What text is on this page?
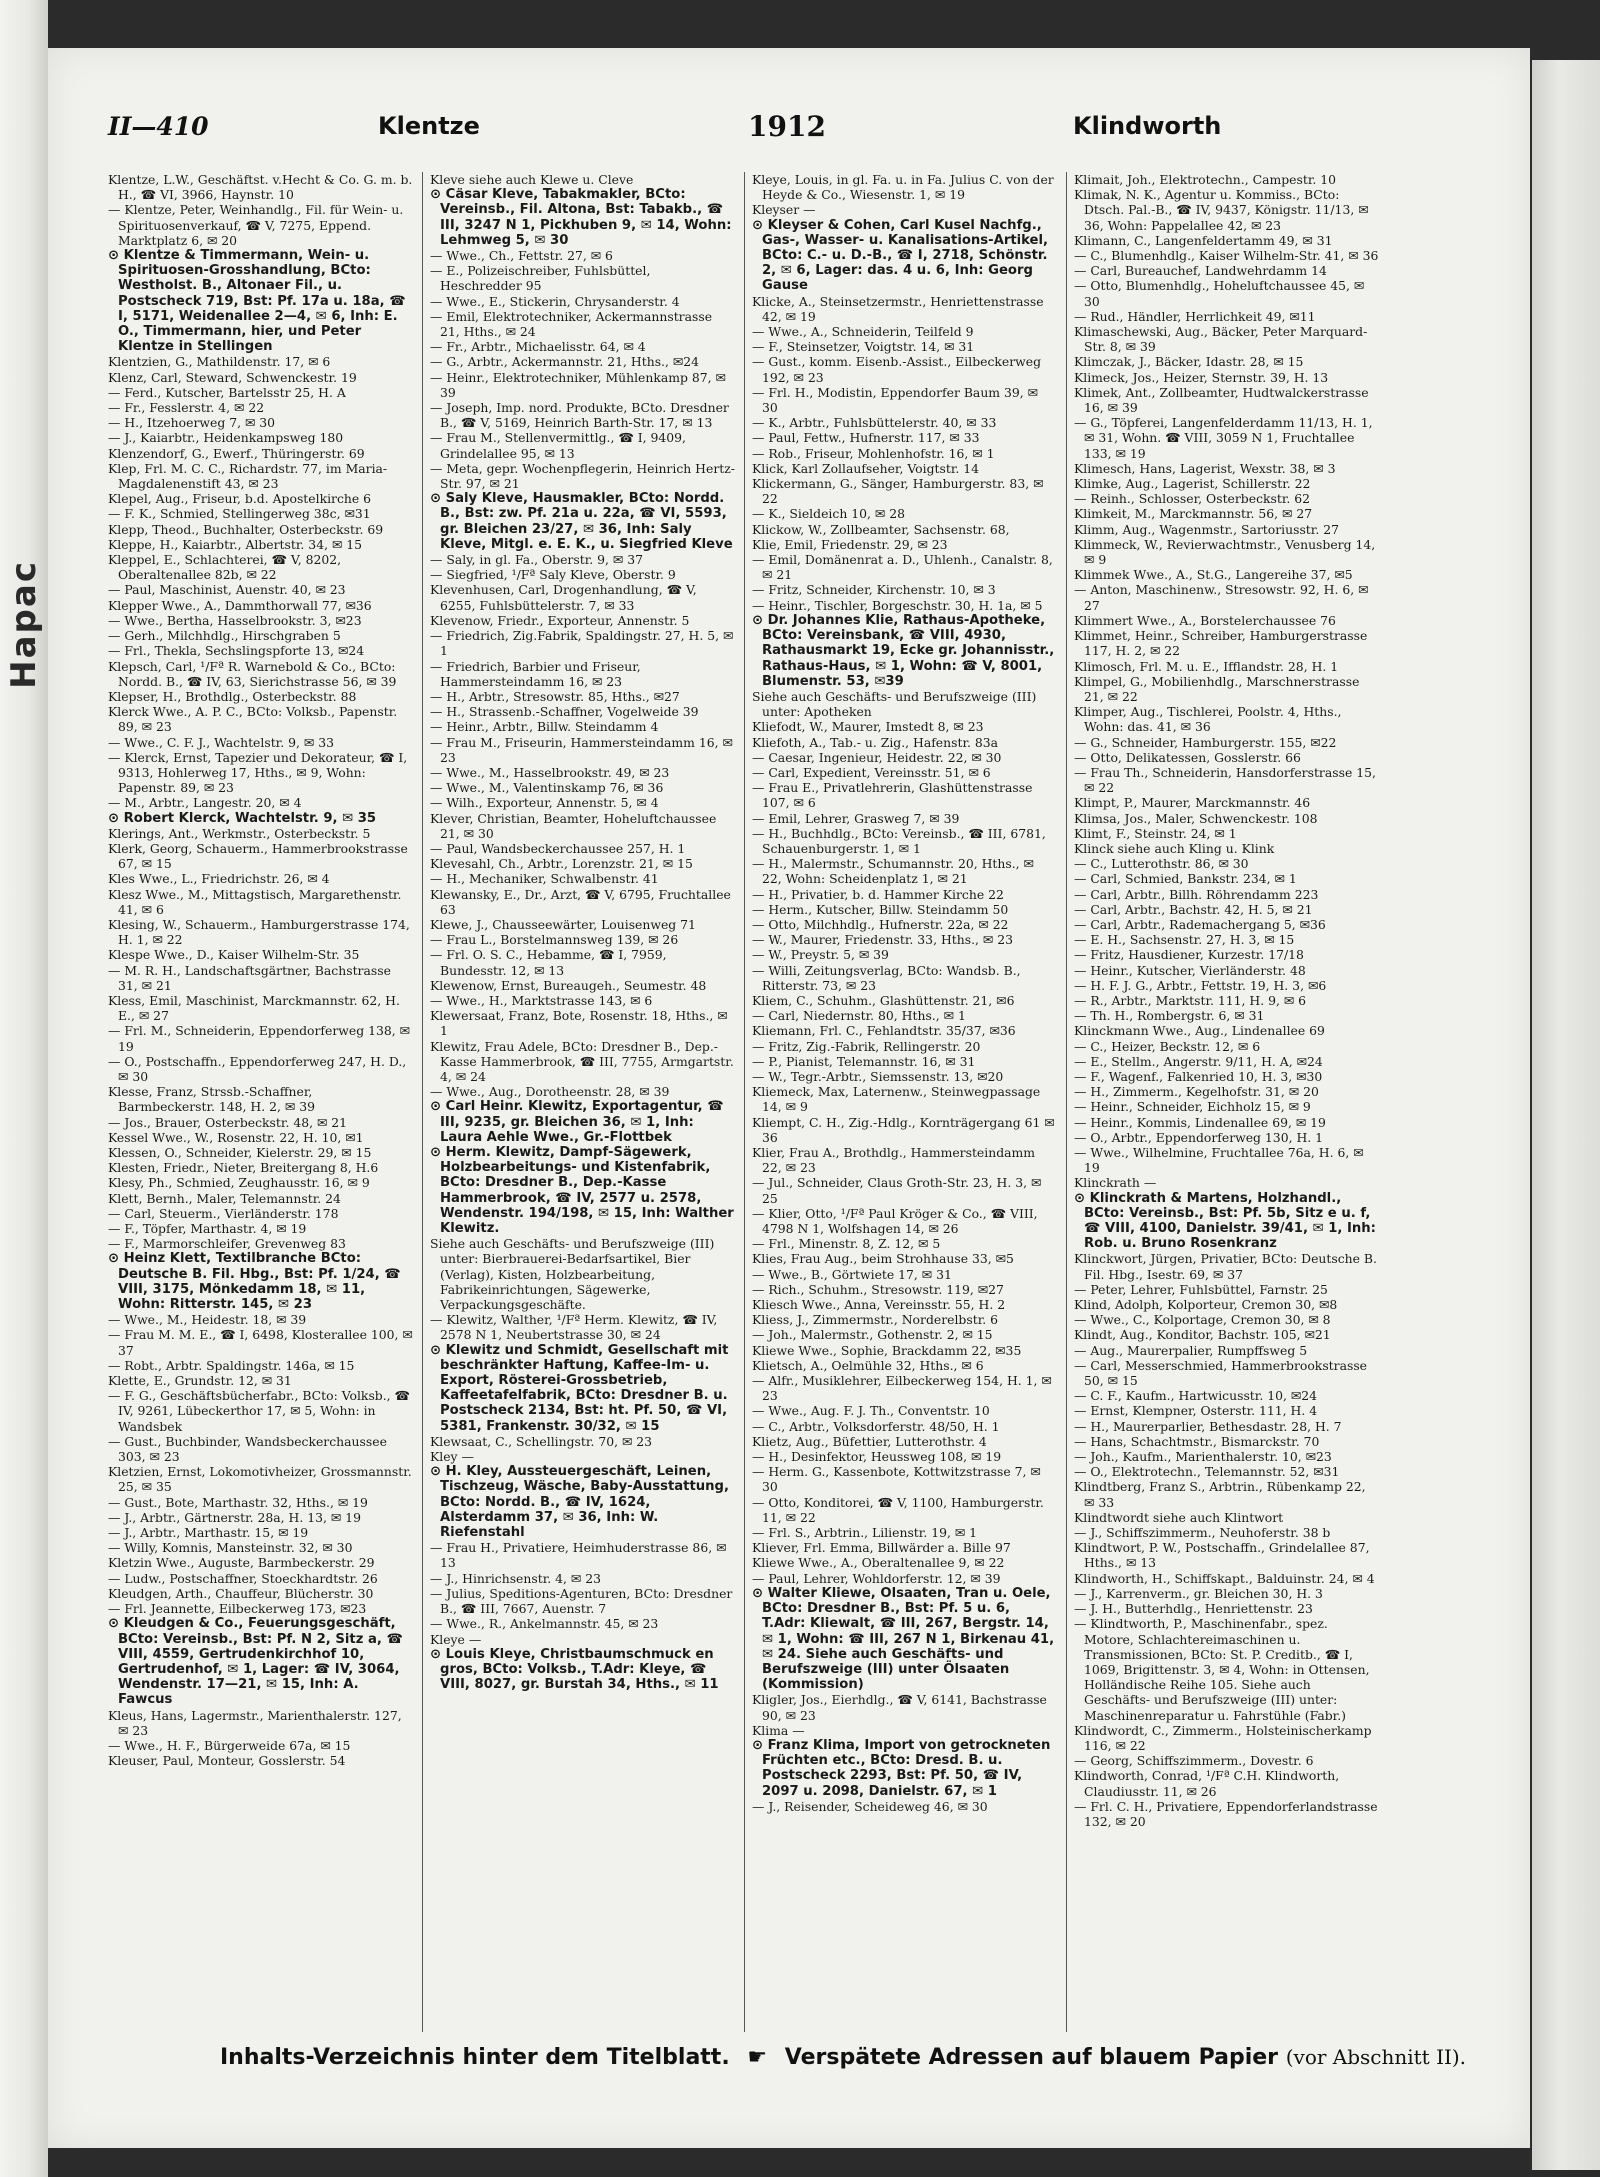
Hapac
II—410	Klentze	1912	Klindworth

Klentze, L.W., Geschäftst. v.Hecht & Co. G. m. b. H., ☎ VI, 3966, Haynstr. 10

— Klentze, Peter, Weinhandlg., Fil. für Wein- u. Spirituosenverkauf, ☎ V, 7275, Eppend. Marktplatz 6, ✉ 20

⊙ Klentze & Timmermann, Wein- u. Spirituosen-Grosshandlung, BCto: Westholst. B., Altonaer Fil., u. Postscheck 719, Bst: Pf. 17a u. 18a, ☎ I, 5171, Weidenallee 2—4, ✉ 6, Inh: E. O., Timmermann, hier, und Peter Klentze in Stellingen

Klentzien, G., Mathildenstr. 17, ✉ 6

Klenz, Carl, Steward, Schwenckestr. 19

— Ferd., Kutscher, Bartelsstr 25, H. A

— Fr., Fesslerstr. 4, ✉ 22

— H., Itzehoerweg 7, ✉ 30

— J., Kaiarbtr., Heidenkampsweg 180

Klenzendorf, G., Ewerf., Thüringerstr. 69

Klep, Frl. M. C. C., Richardstr. 77, im Maria-Magdalenenstift 43, ✉ 23

Klepel, Aug., Friseur, b.d. Apostelkirche 6

— F. K., Schmied, Stellingerweg 38c, ✉31

Klepp, Theod., Buchhalter, Osterbeckstr. 69

Kleppe, H., Kaiarbtr., Albertstr. 34, ✉ 15

Kleppel, E., Schlachterei, ☎ V, 8202, Oberaltenallee 82b, ✉ 22

— Paul, Maschinist, Auenstr. 40, ✉ 23

Klepper Wwe., A., Dammthorwall 77, ✉36

— Wwe., Bertha, Hasselbrookstr. 3, ✉23

— Gerh., Milchhdlg., Hirschgraben 5

— Frl., Thekla, Sechslingspforte 13, ✉24

Klepsch, Carl, ¹/Fª R. Warnebold & Co., BCto: Nordd. B., ☎ IV, 63, Sierichstrasse 56, ✉ 39

Klepser, H., Brothdlg., Osterbeckstr. 88

Klerck Wwe., A. P. C., BCto: Volksb., Papenstr. 89, ✉ 23

— Wwe., C. F. J., Wachtelstr. 9, ✉ 33

— Klerck, Ernst, Tapezier und Dekorateur, ☎ I, 9313, Hohlerweg 17, Hths., ✉ 9, Wohn: Papenstr. 89, ✉ 23

— M., Arbtr., Langestr. 20, ✉ 4

⊙ Robert Klerck, Wachtelstr. 9, ✉ 35

Klerings, Ant., Werkmstr., Osterbeckstr. 5

Klerk, Georg, Schauerm., Hammerbrookstrasse 67, ✉ 15

Kles Wwe., L., Friedrichstr. 26, ✉ 4

Klesz Wwe., M., Mittagstisch, Margarethenstr. 41, ✉ 6

Klesing, W., Schauerm., Hamburgerstrasse 174, H. 1, ✉ 22

Klespe Wwe., D., Kaiser Wilhelm-Str. 35

— M. R. H., Landschaftsgärtner, Bachstrasse 31, ✉ 21

Kless, Emil, Maschinist, Marckmannstr. 62, H. E., ✉ 27

— Frl. M., Schneiderin, Eppendorferweg 138, ✉ 19

— O., Postschaffn., Eppendorferweg 247, H. D., ✉ 30

Klesse, Franz, Strssb.-Schaffner, Barmbeckerstr. 148, H. 2, ✉ 39

— Jos., Brauer, Osterbeckstr. 48, ✉ 21

Kessel Wwe., W., Rosenstr. 22, H. 10, ✉1

Klessen, O., Schneider, Kielerstr. 29, ✉ 15

Klesten, Friedr., Nieter, Breitergang 8, H.6

Klesy, Ph., Schmied, Zeughausstr. 16, ✉ 9

Klett, Bernh., Maler, Telemannstr. 24

— Carl, Steuerm., Vierländerstr. 178

— F., Töpfer, Marthastr. 4, ✉ 19

— F., Marmorschleifer, Grevenweg 83

⊙ Heinz Klett, Textilbranche BCto: Deutsche B. Fil. Hbg., Bst: Pf. 1/24, ☎ VIII, 3175, Mönkedamm 18, ✉ 11, Wohn: Ritterstr. 145, ✉ 23

— Wwe., M., Heidestr. 18, ✉ 39

— Frau M. M. E., ☎ I, 6498, Klosterallee 100, ✉ 37

— Robt., Arbtr. Spaldingstr. 146a, ✉ 15

Klette, E., Grundstr. 12, ✉ 31

— F. G., Geschäftsbücherfabr., BCto: Volksb., ☎ IV, 9261, Lübeckerthor 17, ✉ 5, Wohn: in Wandsbek

— Gust., Buchbinder, Wandsbeckerchaussee 303, ✉ 23

Kletzien, Ernst, Lokomotivheizer, Grossmannstr. 25, ✉ 35

— Gust., Bote, Marthastr. 32, Hths., ✉ 19

— J., Arbtr., Gärtnerstr. 28a, H. 13, ✉ 19

— J., Arbtr., Marthastr. 15, ✉ 19

— Willy, Komnis, Mansteinstr. 32, ✉ 30

Kletzin Wwe., Auguste, Barmbeckerstr. 29

— Ludw., Postschaffner, Stoeckhardtstr. 26

Kleudgen, Arth., Chauffeur, Blücherstr. 30

— Frl. Jeannette, Eilbeckerweg 173, ✉23

⊙ Kleudgen & Co., Feuerungsgeschäft, BCto: Vereinsb., Bst: Pf. N 2, Sitz a, ☎ VIII, 4559, Gertrudenkirchhof 10, Gertrudenhof, ✉ 1, Lager: ☎ IV, 3064, Wendenstr. 17—21, ✉ 15, Inh: A. Fawcus

Kleus, Hans, Lagermstr., Marienthalerstr. 127, ✉ 23

— Wwe., H. F., Bürgerweide 67a, ✉ 15

Kleuser, Paul, Monteur, Gosslerstr. 54

Kleve siehe auch Klewe u. Cleve

⊙ Cäsar Kleve, Tabakmakler, BCto: Vereinsb., Fil. Altona, Bst: Tabakb., ☎ III, 3247 N 1, Pickhuben 9, ✉ 14, Wohn: Lehmweg 5, ✉ 30

— Wwe., Ch., Fettstr. 27, ✉ 6

— E., Polizeischreiber, Fuhlsbüttel, Heschredder 95

— Wwe., E., Stickerin, Chrysanderstr. 4

— Emil, Elektrotechniker, Ackermannstrasse 21, Hths., ✉ 24

— Fr., Arbtr., Michaelisstr. 64, ✉ 4

— G., Arbtr., Ackermannstr. 21, Hths., ✉24

— Heinr., Elektrotechniker, Mühlenkamp 87, ✉ 39

— Joseph, Imp. nord. Produkte, BCto. Dresdner B., ☎ V, 5169, Heinrich Barth-Str. 17, ✉ 13

— Frau M., Stellenvermittlg., ☎ I, 9409, Grindelallee 95, ✉ 13

— Meta, gepr. Wochenpflegerin, Heinrich Hertz-Str. 97, ✉ 21

⊙ Saly Kleve, Hausmakler, BCto: Nordd. B., Bst: zw. Pf. 21a u. 22a, ☎ VI, 5593, gr. Bleichen 23/27, ✉ 36, Inh: Saly Kleve, Mitgl. e. E. K., u. Siegfried Kleve

— Saly, in gl. Fa., Oberstr. 9, ✉ 37

— Siegfried, ¹/Fª Saly Kleve, Oberstr. 9

Klevenhusen, Carl, Drogenhandlung, ☎ V, 6255, Fuhlsbüttelerstr. 7, ✉ 33

Klevenow, Friedr., Exporteur, Annenstr. 5

— Friedrich, Zig.Fabrik, Spaldingstr. 27, H. 5, ✉ 1

— Friedrich, Barbier und Friseur, Hammersteindamm 16, ✉ 23

— H., Arbtr., Stresowstr. 85, Hths., ✉27

— H., Strassenb.-Schaffner, Vogelweide 39

— Heinr., Arbtr., Billw. Steindamm 4

— Frau M., Friseurin, Hammersteindamm 16, ✉ 23

— Wwe., M., Hasselbrookstr. 49, ✉ 23

— Wwe., M., Valentinskamp 76, ✉ 36

— Wilh., Exporteur, Annenstr. 5, ✉ 4

Klever, Christian, Beamter, Hoheluftchaussee 21, ✉ 30

— Paul, Wandsbeckerchaussee 257, H. 1

Klevesahl, Ch., Arbtr., Lorenzstr. 21, ✉ 15

— H., Mechaniker, Schwalbenstr. 41

Klewansky, E., Dr., Arzt, ☎ V, 6795, Fruchtallee 63

Klewe, J., Chausseewärter, Louisenweg 71

— Frau L., Borstelmannsweg 139, ✉ 26

— Frl. O. S. C., Hebamme, ☎ I, 7959, Bundesstr. 12, ✉ 13

Klewenow, Ernst, Bureaugeh., Seumestr. 48

— Wwe., H., Marktstrasse 143, ✉ 6

Klewersaat, Franz, Bote, Rosenstr. 18, Hths., ✉ 1

Klewitz, Frau Adele, BCto: Dresdner B., Dep.-Kasse Hammerbrook, ☎ III, 7755, Armgartstr. 4, ✉ 24

— Wwe., Aug., Dorotheenstr. 28, ✉ 39

⊙ Carl Heinr. Klewitz, Exportagentur, ☎ III, 9235, gr. Bleichen 36, ✉ 1, Inh: Laura Aehle Wwe., Gr.-Flottbek

⊙ Herm. Klewitz, Dampf-Sägewerk, Holzbearbeitungs- und Kistenfabrik, BCto: Dresdner B., Dep.-Kasse Hammerbrook, ☎ IV, 2577 u. 2578, Wendenstr. 194/198, ✉ 15, Inh: Walther Klewitz.

Siehe auch Geschäfts- und Berufszweige (III) unter: Bierbrauerei-Bedarfsartikel, Bier (Verlag), Kisten, Holzbearbeitung, Fabrikeinrichtungen, Sägewerke, Verpackungsgeschäfte.

— Klewitz, Walther, ¹/Fª Herm. Klewitz, ☎ IV, 2578 N 1, Neubertstrasse 30, ✉ 24

⊙ Klewitz und Schmidt, Gesellschaft mit beschränkter Haftung, Kaffee-Im- u. Export, Rösterei-Grossbetrieb, Kaffeetafelfabrik, BCto: Dresdner B. u. Postscheck 2134, Bst: ht. Pf. 50, ☎ VI, 5381, Frankenstr. 30/32, ✉ 15

Klewsaat, C., Schellingstr. 70, ✉ 23

Kley —

⊙ H. Kley, Aussteuergeschäft, Leinen, Tischzeug, Wäsche, Baby-Ausstattung, BCto: Nordd. B., ☎ IV, 1624, Alsterdamm 37, ✉ 36, Inh: W. Riefenstahl

— Frau H., Privatiere, Heimhuderstrasse 86, ✉ 13

— J., Hinrichsenstr. 4, ✉ 23

— Julius, Speditions-Agenturen, BCto: Dresdner B., ☎ III, 7667, Auenstr. 7

— Wwe., R., Ankelmannstr. 45, ✉ 23

Kleye —

⊙ Louis Kleye, Christbaumschmuck en gros, BCto: Volksb., T.Adr: Kleye, ☎ VIII, 8027, gr. Burstah 34, Hths., ✉ 11

Kleye, Louis, in gl. Fa. u. in Fa. Julius C. von der Heyde & Co., Wiesenstr. 1, ✉ 19

Kleyser —

⊙ Kleyser & Cohen, Carl Kusel Nachfg., Gas-, Wasser- u. Kanalisations-Artikel, BCto: C.- u. D.-B., ☎ I, 2718, Schönstr. 2, ✉ 6, Lager: das. 4 u. 6, Inh: Georg Gause

Klicke, A., Steinsetzermstr., Henriettenstrasse 42, ✉ 19

— Wwe., A., Schneiderin, Teilfeld 9

— F., Steinsetzer, Voigtstr. 14, ✉ 31

— Gust., komm. Eisenb.-Assist., Eilbeckerweg 192, ✉ 23

— Frl. H., Modistin, Eppendorfer Baum 39, ✉ 30

— K., Arbtr., Fuhlsbüttelerstr. 40, ✉ 33

— Paul, Fettw., Hufnerstr. 117, ✉ 33

— Rob., Friseur, Mohlenhofstr. 16, ✉ 1

Klick, Karl Zollaufseher, Voigtstr. 14

Klickermann, G., Sänger, Hamburgerstr. 83, ✉ 22

— K., Sieldeich 10, ✉ 28

Klickow, W., Zollbeamter, Sachsenstr. 68,

Klie, Emil, Friedenstr. 29, ✉ 23

— Emil, Domänenrat a. D., Uhlenh., Canalstr. 8, ✉ 21

— Fritz, Schneider, Kirchenstr. 10, ✉ 3

— Heinr., Tischler, Borgeschstr. 30, H. 1a, ✉ 5

⊙ Dr. Johannes Klie, Rathaus-Apotheke, BCto: Vereinsbank, ☎ VIII, 4930, Rathausmarkt 19, Ecke gr. Johannisstr., Rathaus-Haus, ✉ 1, Wohn: ☎ V, 8001, Blumenstr. 53, ✉39

Siehe auch Geschäfts- und Berufszweige (III) unter: Apotheken

Kliefodt, W., Maurer, Imstedt 8, ✉ 23

Kliefoth, A., Tab.- u. Zig., Hafenstr. 83a

— Caesar, Ingenieur, Heidestr. 22, ✉ 30

— Carl, Expedient, Vereinsstr. 51, ✉ 6

— Frau E., Privatlehrerin, Glashüttenstrasse 107, ✉ 6

— Emil, Lehrer, Grasweg 7, ✉ 39

— H., Buchhdlg., BCto: Vereinsb., ☎ III, 6781, Schauenburgerstr. 1, ✉ 1

— H., Malermstr., Schumannstr. 20, Hths., ✉ 22, Wohn: Scheidenplatz 1, ✉ 21

— H., Privatier, b. d. Hammer Kirche 22

— Herm., Kutscher, Billw. Steindamm 50

— Otto, Milchhdlg., Hufnerstr. 22a, ✉ 22

— W., Maurer, Friedenstr. 33, Hths., ✉ 23

— W., Preystr. 5, ✉ 39

— Willi, Zeitungsverlag, BCto: Wandsb. B., Ritterstr. 73, ✉ 23

Kliem, C., Schuhm., Glashüttenstr. 21, ✉6

— Carl, Niedernstr. 80, Hths., ✉ 1

Kliemann, Frl. C., Fehlandtstr. 35/37, ✉36

— Fritz, Zig.-Fabrik, Rellingerstr. 20

— P., Pianist, Telemannstr. 16, ✉ 31

— W., Tegr.-Arbtr., Siemssenstr. 13, ✉20

Kliemeck, Max, Laternenw., Steinwegpassage 14, ✉ 9

Kliempt, C. H., Zig.-Hdlg., Kornträgergang 61 ✉ 36

Klier, Frau A., Brothdlg., Hammersteindamm 22, ✉ 23

— Jul., Schneider, Claus Groth-Str. 23, H. 3, ✉ 25

— Klier, Otto, ¹/Fª Paul Kröger & Co., ☎ VIII, 4798 N 1, Wolfshagen 14, ✉ 26

— Frl., Minenstr. 8, Z. 12, ✉ 5

Klies, Frau Aug., beim Strohhause 33, ✉5

— Wwe., B., Görtwiete 17, ✉ 31

— Rich., Schuhm., Stresowstr. 119, ✉27

Kliesch Wwe., Anna, Vereinsstr. 55, H. 2

Kliess, J., Zimmermstr., Norderelbstr. 6

— Joh., Malermstr., Gothenstr. 2, ✉ 15

Kliewe Wwe., Sophie, Brackdamm 22, ✉35

Klietsch, A., Oelmühle 32, Hths., ✉ 6

— Alfr., Musiklehrer, Eilbeckerweg 154, H. 1, ✉ 23

— Wwe., Aug. F. J. Th., Conventstr. 10

— C., Arbtr., Volksdorferstr. 48/50, H. 1

Klietz, Aug., Büfettier, Lutterothstr. 4

— H., Desinfektor, Heussweg 108, ✉ 19

— Herm. G., Kassenbote, Kottwitzstrasse 7, ✉ 30

— Otto, Konditorei, ☎ V, 1100, Hamburgerstr. 11, ✉ 22

— Frl. S., Arbtrin., Lilienstr. 19, ✉ 1

Kliever, Frl. Emma, Billwärder a. Bille 97

Kliewe Wwe., A., Oberaltenallee 9, ✉ 22

— Paul, Lehrer, Wohldorferstr. 12, ✉ 39

⊙ Walter Kliewe, Olsaaten, Tran u. Oele, BCto: Dresdner B., Bst: Pf. 5 u. 6, T.Adr: Kliewalt, ☎ III, 267, Bergstr. 14, ✉ 1, Wohn: ☎ III, 267 N 1, Birkenau 41, ✉ 24. Siehe auch Geschäfts- und Berufszweige (III) unter Ölsaaten (Kommission)

Kligler, Jos., Eierhdlg., ☎ V, 6141, Bachstrasse 90, ✉ 23

Klima —

⊙ Franz Klima, Import von getrockneten Früchten etc., BCto: Dresd. B. u. Postscheck 2293, Bst: Pf. 50, ☎ IV, 2097 u. 2098, Danielstr. 67, ✉ 1

— J., Reisender, Scheideweg 46, ✉ 30

Klimait, Joh., Elektrotechn., Campestr. 10

Klimak, N. K., Agentur u. Kommiss., BCto: Dtsch. Pal.-B., ☎ IV, 9437, Königstr. 11/13, ✉ 36, Wohn: Pappelallee 42, ✉ 23

Klimann, C., Langenfeldertamm 49, ✉ 31

— C., Blumenhdlg., Kaiser Wilhelm-Str. 41, ✉ 36

— Carl, Bureauchef, Landwehrdamm 14

— Otto, Blumenhdlg., Hoheluftchaussee 45, ✉ 30

— Rud., Händler, Herrlichkeit 49, ✉11

Klimaschewski, Aug., Bäcker, Peter Marquard-Str. 8, ✉ 39

Klimczak, J., Bäcker, Idastr. 28, ✉ 15

Klimeck, Jos., Heizer, Sternstr. 39, H. 13

Klimek, Ant., Zollbeamter, Hudtwalckerstrasse 16, ✉ 39

— G., Töpferei, Langenfelderdamm 11/13, H. 1, ✉ 31, Wohn. ☎ VIII, 3059 N 1, Fruchtallee 133, ✉ 19

Klimesch, Hans, Lagerist, Wexstr. 38, ✉ 3

Klimke, Aug., Lagerist, Schillerstr. 22

— Reinh., Schlosser, Osterbeckstr. 62

Klimkeit, M., Marckmannstr. 56, ✉ 27

Klimm, Aug., Wagenmstr., Sartoriusstr. 27

Klimmeck, W., Revierwachtmstr., Venusberg 14, ✉ 9

Klimmek Wwe., A., St.G., Langereihe 37, ✉5

— Anton, Maschinenw., Stresowstr. 92, H. 6, ✉ 27

Klimmert Wwe., A., Borstelerchaussee 76

Klimmet, Heinr., Schreiber, Hamburgerstrasse 117, H. 2, ✉ 22

Klimosch, Frl. M. u. E., Ifflandstr. 28, H. 1

Klimpel, G., Mobilienhdlg., Marschnerstrasse 21, ✉ 22

Klimper, Aug., Tischlerei, Poolstr. 4, Hths., Wohn: das. 41, ✉ 36

— G., Schneider, Hamburgerstr. 155, ✉22

— Otto, Delikatessen, Gosslerstr. 66

— Frau Th., Schneiderin, Hansdorferstrasse 15, ✉ 22

Klimpt, P., Maurer, Marckmannstr. 46

Klimsa, Jos., Maler, Schwenckestr. 108

Klimt, F., Steinstr. 24, ✉ 1

Klinck siehe auch Kling u. Klink

— C., Lutterothstr. 86, ✉ 30

— Carl, Schmied, Bankstr. 234, ✉ 1

— Carl, Arbtr., Billh. Röhrendamm 223

— Carl, Arbtr., Bachstr. 42, H. 5, ✉ 21

— Carl, Arbtr., Rademachergang 5, ✉36

— E. H., Sachsenstr. 27, H. 3, ✉ 15

— Fritz, Hausdiener, Kurzestr. 17/18

— Heinr., Kutscher, Vierländerstr. 48

— H. F. J. G., Arbtr., Fettstr. 19, H. 3, ✉6

— R., Arbtr., Marktstr. 111, H. 9, ✉ 6

— Th. H., Rombergstr. 6, ✉ 31

Klinckmann Wwe., Aug., Lindenallee 69

— C., Heizer, Beckstr. 12, ✉ 6

— E., Stellm., Angerstr. 9/11, H. A, ✉24

— F., Wagenf., Falkenried 10, H. 3, ✉30

— H., Zimmerm., Kegelhofstr. 31, ✉ 20

— Heinr., Schneider, Eichholz 15, ✉ 9

— Heinr., Kommis, Lindenallee 69, ✉ 19

— O., Arbtr., Eppendorferweg 130, H. 1

— Wwe., Wilhelmine, Fruchtallee 76a, H. 6, ✉ 19

Klinckrath —

⊙ Klinckrath & Martens, Holzhandl., BCto: Vereinsb., Bst: Pf. 5b, Sitz e u. f, ☎ VIII, 4100, Danielstr. 39/41, ✉ 1, Inh: Rob. u. Bruno Rosenkranz

Klinckwort, Jürgen, Privatier, BCto: Deutsche B. Fil. Hbg., Isestr. 69, ✉ 37

— Peter, Lehrer, Fuhlsbüttel, Farnstr. 25

Klind, Adolph, Kolporteur, Cremon 30, ✉8

— Wwe., C., Kolportage, Cremon 30, ✉ 8

Klindt, Aug., Konditor, Bachstr. 105, ✉21

— Aug., Maurerpalier, Rumpffsweg 5

— Carl, Messerschmied, Hammerbrookstrasse 50, ✉ 15

— C. F., Kaufm., Hartwicusstr. 10, ✉24

— Ernst, Klempner, Osterstr. 111, H. 4

— H., Maurerparlier, Bethesdastr. 28, H. 7

— Hans, Schachtmstr., Bismarckstr. 70

— Joh., Kaufm., Marienthalerstr. 10, ✉23

— O., Elektrotechn., Telemannstr. 52, ✉31

Klindtberg, Franz S., Arbtrin., Rübenkamp 22, ✉ 33

Klindtwordt siehe auch Klintwort

— J., Schiffszimmerm., Neuhoferstr. 38 b

Klindtwort, P. W., Postschaffn., Grindelallee 87, Hths., ✉ 13

Klindworth, H., Schiffskapt., Balduinstr. 24, ✉ 4

— J., Karrenverm., gr. Bleichen 30, H. 3

— J. H., Butterhdlg., Henriettenstr. 23

— Klindtworth, P., Maschinenfabr., spez. Motore, Schlachtereimaschinen u. Transmissionen, BCto: St. P. Creditb., ☎ I, 1069, Brigittenstr. 3, ✉ 4, Wohn: in Ottensen, Holländische Reihe 105. Siehe auch Geschäfts- und Berufszweige (III) unter: Maschinenreparatur u. Fahrstühle (Fabr.)

Klindwordt, C., Zimmerm., Holsteinischerkamp 116, ✉ 22

— Georg, Schiffszimmerm., Dovestr. 6

Klindworth, Conrad, ¹/Fª C.H. Klindworth, Claudiusstr. 11, ✉ 26

— Frl. C. H., Privatiere, Eppendorferlandstrasse 132, ✉ 20

Inhalts-Verzeichnis hinter dem Titelblatt. ☛ Verspätete Adressen auf blauem Papier (vor Abschnitt II).
